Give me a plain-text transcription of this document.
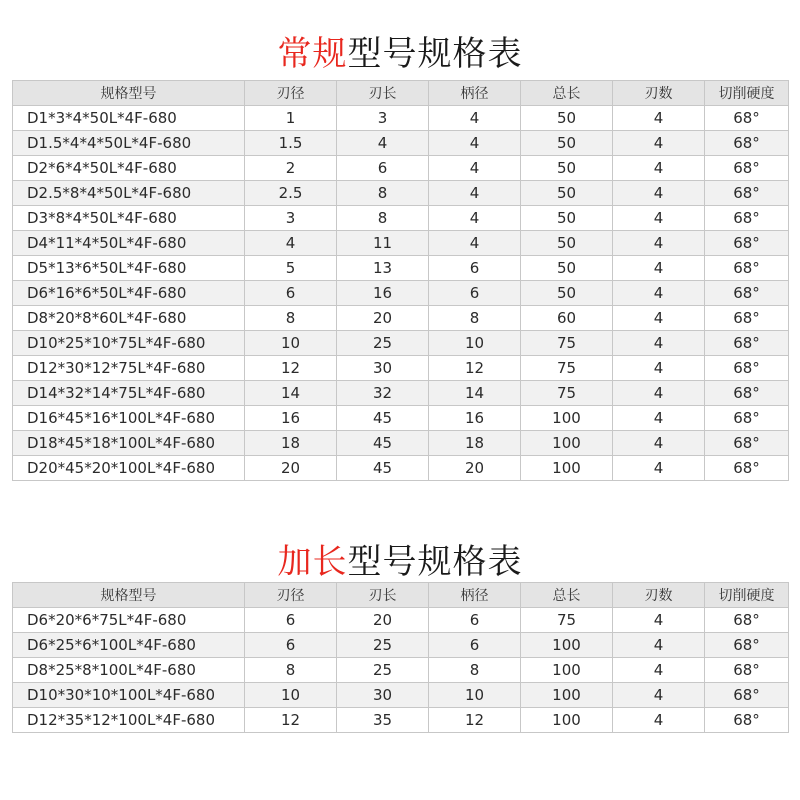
常规型号规格表
规格型号	刃径	刃长	柄径	总长	刃数	切削硬度
D1*3*4*50L*4F-680	1	3	4	50	4	68°
D1.5*4*4*50L*4F-680	1.5	4	4	50	4	68°
D2*6*4*50L*4F-680	2	6	4	50	4	68°
D2.5*8*4*50L*4F-680	2.5	8	4	50	4	68°
D3*8*4*50L*4F-680	3	8	4	50	4	68°
D4*11*4*50L*4F-680	4	11	4	50	4	68°
D5*13*6*50L*4F-680	5	13	6	50	4	68°
D6*16*6*50L*4F-680	6	16	6	50	4	68°
D8*20*8*60L*4F-680	8	20	8	60	4	68°
D10*25*10*75L*4F-680	10	25	10	75	4	68°
D12*30*12*75L*4F-680	12	30	12	75	4	68°
D14*32*14*75L*4F-680	14	32	14	75	4	68°
D16*45*16*100L*4F-680	16	45	16	100	4	68°
D18*45*18*100L*4F-680	18	45	18	100	4	68°
D20*45*20*100L*4F-680	20	45	20	100	4	68°
加长型号规格表
规格型号	刃径	刃长	柄径	总长	刃数	切削硬度
D6*20*6*75L*4F-680	6	20	6	75	4	68°
D6*25*6*100L*4F-680	6	25	6	100	4	68°
D8*25*8*100L*4F-680	8	25	8	100	4	68°
D10*30*10*100L*4F-680	10	30	10	100	4	68°
D12*35*12*100L*4F-680	12	35	12	100	4	68°
